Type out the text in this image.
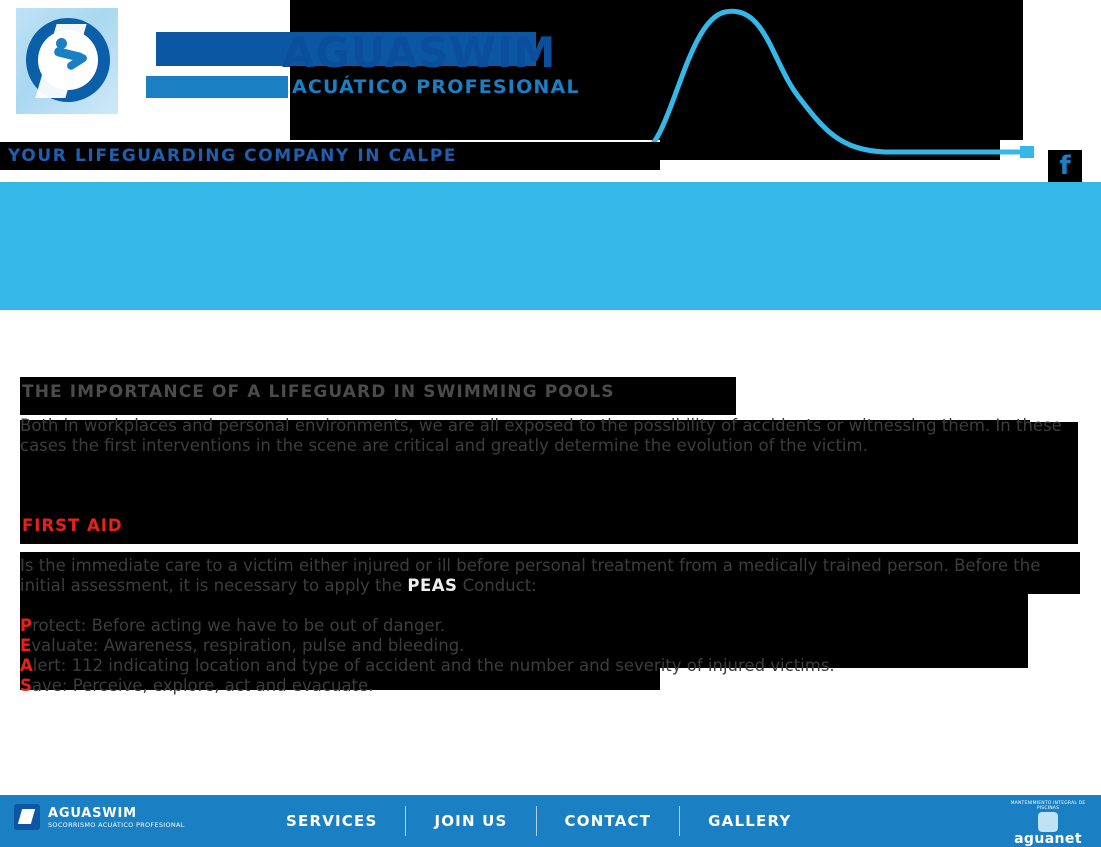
AGUASWIM
ACUÁTICO PROFESIONAL
YOUR LIFEGUARDING COMPANY IN CALPE	f
THE IMPORTANCE OF A LIFEGUARD IN SWIMMING POOLS
Both in workplaces and personal environments, we are all exposed to the possibility of accidents or witnessing them. In these cases the first interventions in the scene are critical and greatly determine the evolution of the victim.
FIRST AID
Is the immediate care to a victim either injured or ill before personal treatment from a medically trained person. Before the initial assessment, it is necessary to apply the PEAS Conduct:
Protect: Before acting we have to be out of danger.
Evaluate: Awareness, respiration, pulse and bleeding.
Alert: 112 indicating location and type of accident and the number and severity of injured victims.
Save: Perceive, explore, act and evacuate.
AGUASWIM
SOCORRISMO ACUÁTICO PROFESIONAL	SERVICES	JOIN US	CONTACT	GALLERY
MANTENIMIENTO INTEGRAL DE PISCINAS
aguanet
